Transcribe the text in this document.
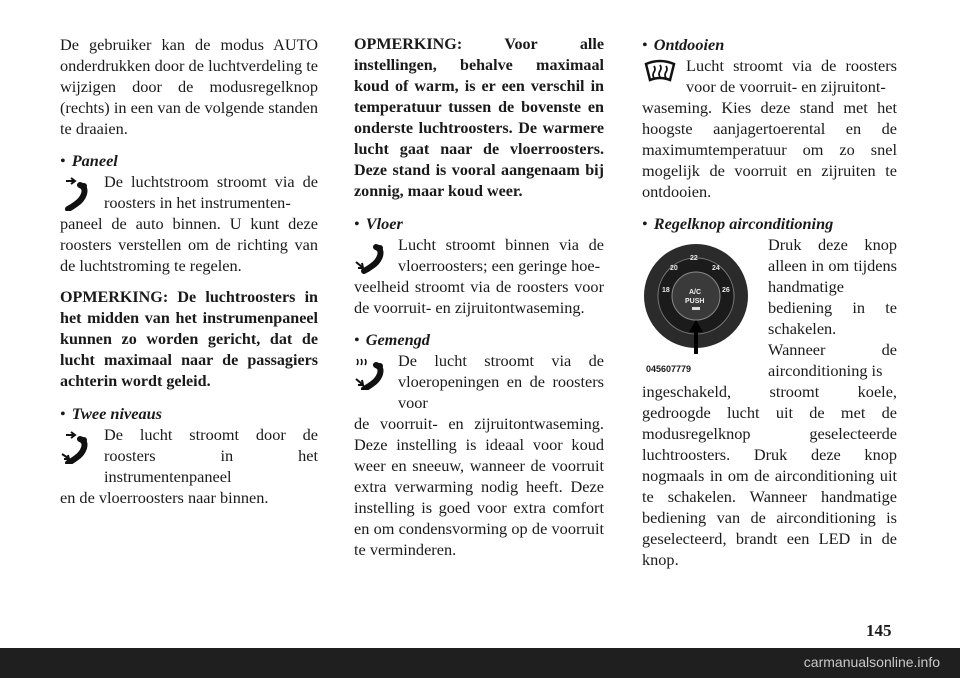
De gebruiker kan de modus AUTO onderdrukken door de luchtverdeling te wijzigen door de modusregelknop (rechts) in een van de volgende standen te draaien.

• Paneel

De luchtstroom stroomt via de roosters in het instrumenten-

paneel de auto binnen. U kunt deze roosters verstellen om de richting van de luchtstroming te regelen.

OPMERKING: De luchtroosters in het midden van het instrumenpaneel kunnen zo worden gericht, dat de lucht maximaal naar de passagiers achterin wordt geleid.

• Twee niveaus

De lucht stroomt door de roosters in het instrumentenpaneel

en de vloerroosters naar binnen.

OPMERKING: Voor alle instellingen, behalve maximaal koud of warm, is er een verschil in temperatuur tussen de bovenste en onderste luchtroosters. De warmere lucht gaat naar de vloerroosters. Deze stand is vooral aangenaam bij zonnig, maar koud weer.

• Vloer

Lucht stroomt binnen via de vloerroosters; een geringe hoe-

veelheid stroomt via de roosters voor de voorruit- en zijruitontwaseming.

• Gemengd

De lucht stroomt via de vloeropeningen en de roosters voor

de voorruit- en zijruitontwaseming. Deze instelling is ideaal voor koud weer en sneeuw, wanneer de voorruit extra verwarming nodig heeft. Deze instelling is goed voor extra comfort en om condensvorming op de voorruit te verminderen.

• Ontdooien

Lucht stroomt via de roosters voor de voorruit- en zijruitont-

waseming. Kies deze stand met het hoogste aanjagertoerental en de maximumtemperatuur om zo snel mogelijk de voorruit en zijruiten te ontdooien.

• Regelknop airconditioning
18
20
22
24
26
A/C
PUSH
045607779

Druk deze knop alleen in om tijdens handmatige bediening in te schakelen. Wanneer de airconditioning is

ingeschakeld, stroomt koele, gedroogde lucht uit de met de modusregelknop geselecteerde luchtroosters. Druk deze knop nogmaals in om de airconditioning uit te schakelen. Wanneer handmatige bediening van de airconditioning is geselecteerd, brandt een LED in de knop.

145
carmanualsonline.info
